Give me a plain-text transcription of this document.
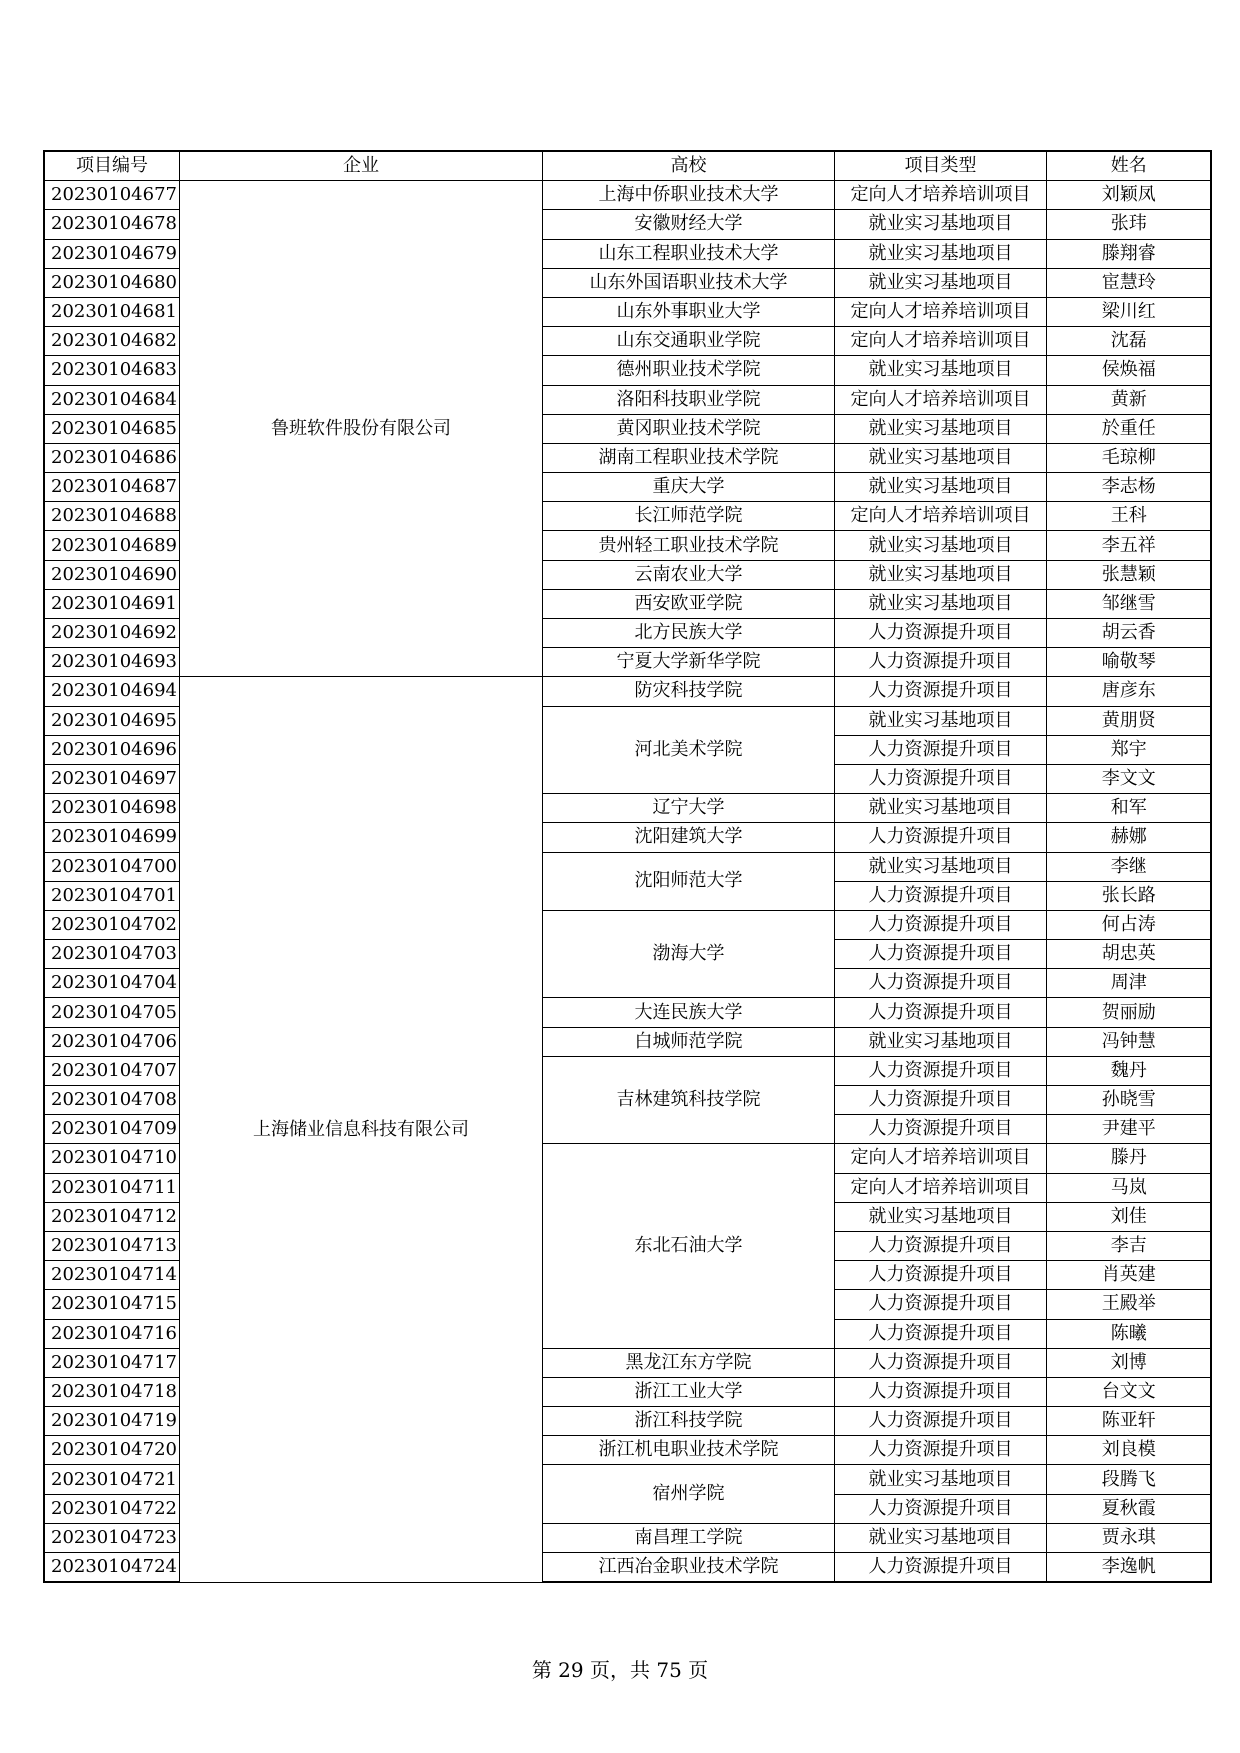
项目编号	企业	高校	项目类型	姓名
20230104677	鲁班软件股份有限公司	上海中侨职业技术大学	定向人才培养培训项目	刘颖凤
20230104678		安徽财经大学	就业实习基地项目	张玮
20230104679		山东工程职业技术大学	就业实习基地项目	滕翔睿
20230104680		山东外国语职业技术大学	就业实习基地项目	宦慧玲
20230104681		山东外事职业大学	定向人才培养培训项目	梁川红
20230104682		山东交通职业学院	定向人才培养培训项目	沈磊
20230104683		德州职业技术学院	就业实习基地项目	侯焕福
20230104684		洛阳科技职业学院	定向人才培养培训项目	黄新
20230104685		黄冈职业技术学院	就业实习基地项目	於重任
20230104686		湖南工程职业技术学院	就业实习基地项目	毛琼柳
20230104687		重庆大学	就业实习基地项目	李志杨
20230104688		长江师范学院	定向人才培养培训项目	王科
20230104689		贵州轻工职业技术学院	就业实习基地项目	李五祥
20230104690		云南农业大学	就业实习基地项目	张慧颖
20230104691		西安欧亚学院	就业实习基地项目	邹继雪
20230104692		北方民族大学	人力资源提升项目	胡云香
20230104693		宁夏大学新华学院	人力资源提升项目	喻敬琴
20230104694	上海储业信息科技有限公司	防灾科技学院	人力资源提升项目	唐彦东
20230104695		河北美术学院	就业实习基地项目	黄朋贤
20230104696			人力资源提升项目	郑宇
20230104697			人力资源提升项目	李文文
20230104698		辽宁大学	就业实习基地项目	和军
20230104699		沈阳建筑大学	人力资源提升项目	赫娜
20230104700		沈阳师范大学	就业实习基地项目	李继
20230104701			人力资源提升项目	张长路
20230104702		渤海大学	人力资源提升项目	何占涛
20230104703			人力资源提升项目	胡忠英
20230104704			人力资源提升项目	周津
20230104705		大连民族大学	人力资源提升项目	贺丽励
20230104706		白城师范学院	就业实习基地项目	冯钟慧
20230104707		吉林建筑科技学院	人力资源提升项目	魏丹
20230104708			人力资源提升项目	孙晓雪
20230104709			人力资源提升项目	尹建平
20230104710		东北石油大学	定向人才培养培训项目	滕丹
20230104711			定向人才培养培训项目	马岚
20230104712			就业实习基地项目	刘佳
20230104713			人力资源提升项目	李吉
20230104714			人力资源提升项目	肖英建
20230104715			人力资源提升项目	王殿举
20230104716			人力资源提升项目	陈曦
20230104717		黑龙江东方学院	人力资源提升项目	刘博
20230104718		浙江工业大学	人力资源提升项目	台文文
20230104719		浙江科技学院	人力资源提升项目	陈亚轩
20230104720		浙江机电职业技术学院	人力资源提升项目	刘良模
20230104721		宿州学院	就业实习基地项目	段腾飞
20230104722			人力资源提升项目	夏秋霞
20230104723		南昌理工学院	就业实习基地项目	贾永琪
20230104724		江西冶金职业技术学院	人力资源提升项目	李逸帆
第 29 页，共 75 页
